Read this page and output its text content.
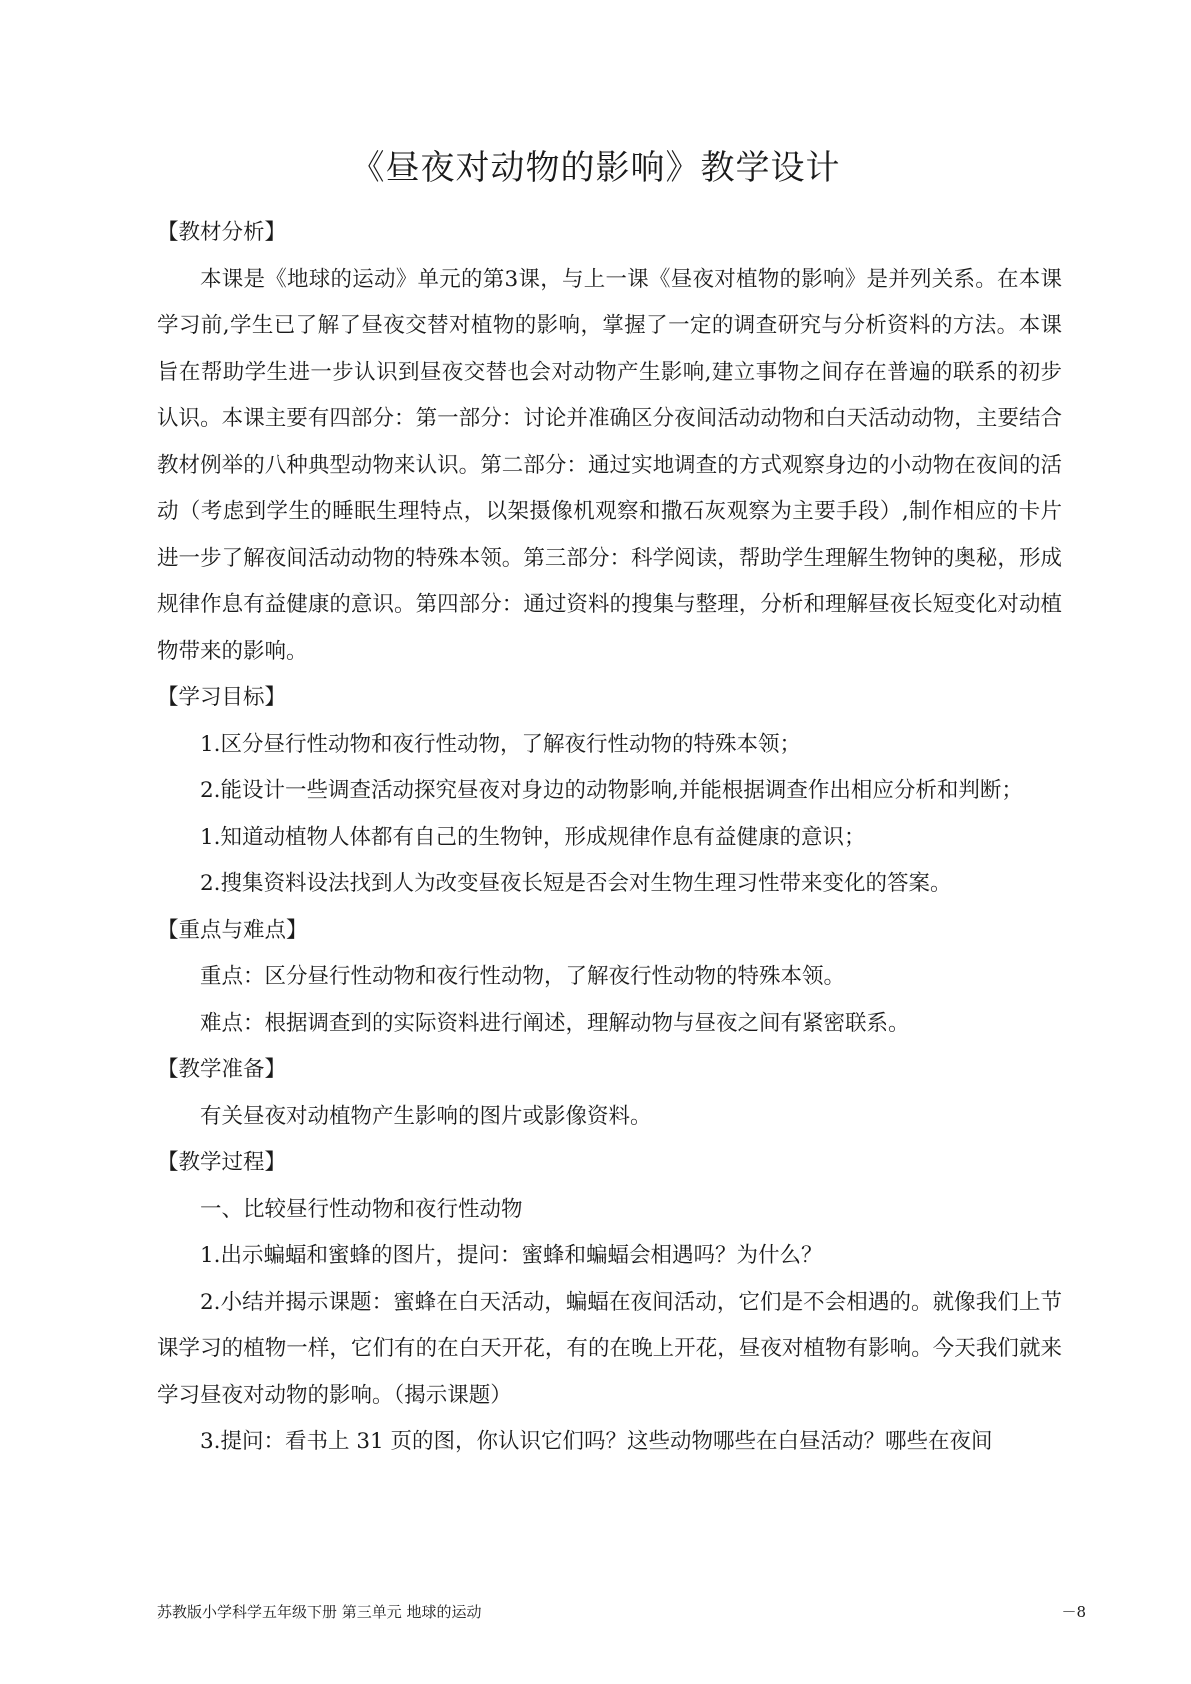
《昼夜对动物的影响》教学设计

【教材分析】

本课是《地球的运动》单元的第3课，与上一课《昼夜对植物的影响》是并列关系。在本课学习前,学生已了解了昼夜交替对植物的影响，掌握了一定的调查研究与分析资料的方法。本课旨在帮助学生进一步认识到昼夜交替也会对动物产生影响,建立事物之间存在普遍的联系的初步认识。本课主要有四部分：第一部分：讨论并准确区分夜间活动动物和白天活动动物，主要结合教材例举的八种典型动物来认识。第二部分：通过实地调查的方式观察身边的小动物在夜间的活动（考虑到学生的睡眠生理特点，以架摄像机观察和撒石灰观察为主要手段）,制作相应的卡片进一步了解夜间活动动物的特殊本领。第三部分：科学阅读，帮助学生理解生物钟的奥秘，形成规律作息有益健康的意识。第四部分：通过资料的搜集与整理，分析和理解昼夜长短变化对动植物带来的影响。

【学习目标】

1.区分昼行性动物和夜行性动物，了解夜行性动物的特殊本领；

2.能设计一些调查活动探究昼夜对身边的动物影响,并能根据调查作出相应分析和判断；

1.知道动植物人体都有自己的生物钟，形成规律作息有益健康的意识；

2.搜集资料设法找到人为改变昼夜长短是否会对生物生理习性带来变化的答案。

【重点与难点】

重点：区分昼行性动物和夜行性动物，了解夜行性动物的特殊本领。

难点：根据调查到的实际资料进行阐述，理解动物与昼夜之间有紧密联系。

【教学准备】

有关昼夜对动植物产生影响的图片或影像资料。

【教学过程】

一、比较昼行性动物和夜行性动物

1.出示蝙蝠和蜜蜂的图片，提问：蜜蜂和蝙蝠会相遇吗？为什么？

2.小结并揭示课题：蜜蜂在白天活动，蝙蝠在夜间活动，它们是不会相遇的。就像我们上节课学习的植物一样，它们有的在白天开花，有的在晚上开花，昼夜对植物有影响。今天我们就来学习昼夜对动物的影响。（揭示课题）

3.提问：看书上 31 页的图，你认识它们吗？这些动物哪些在白昼活动？哪些在夜间

苏教版小学科学五年级下册 第三单元 地球的运动	－8
